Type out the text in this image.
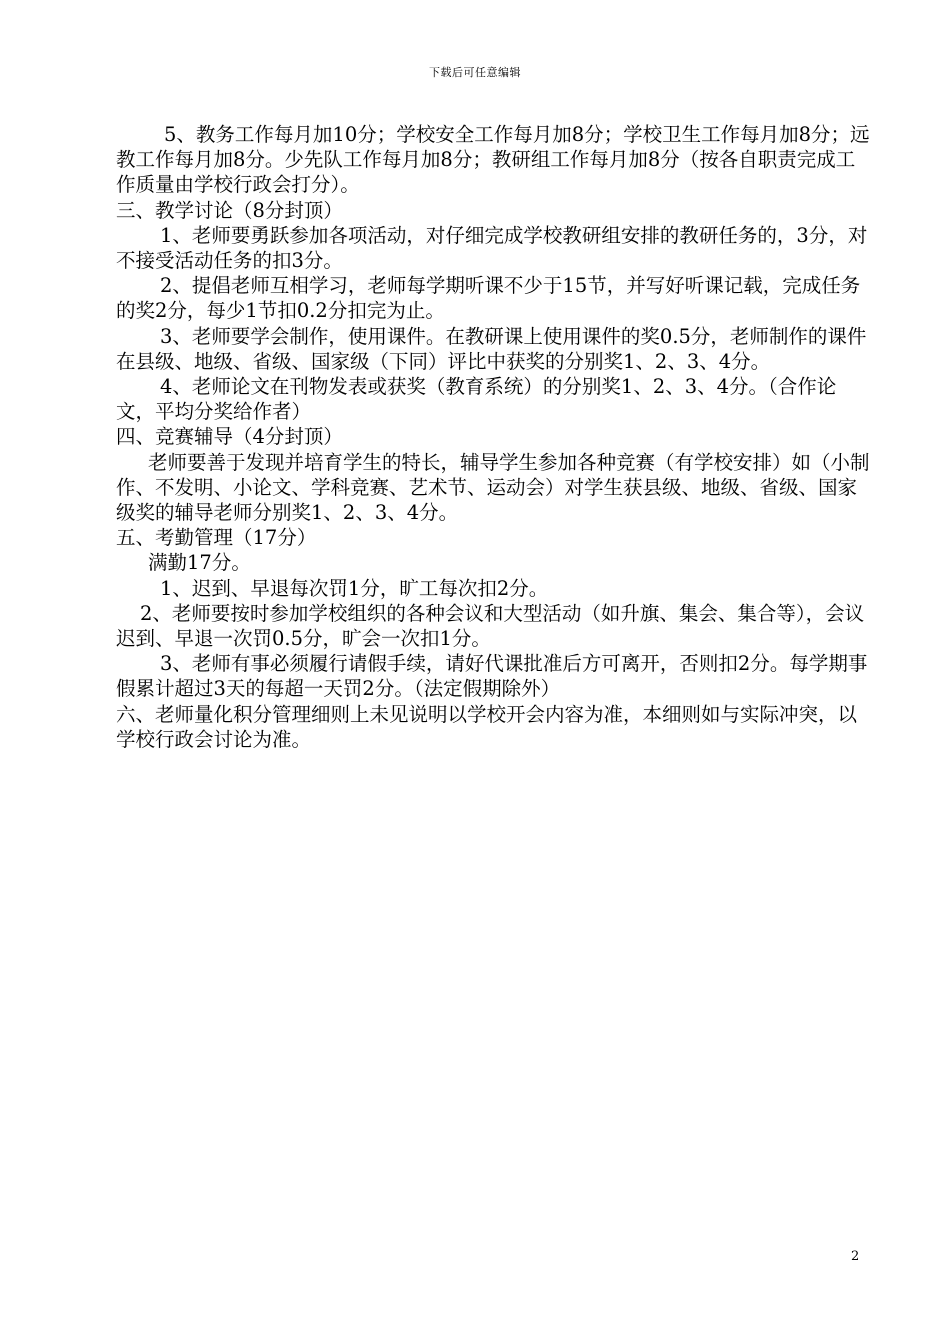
下载后可任意编辑

5、教务工作每月加10分；学校安全工作每月加8分；学校卫生工作每月加8分；远教工作每月加8分。少先队工作每月加8分；教研组工作每月加8分（按各自职责完成工作质量由学校行政会打分）。

三、教学讨论（8分封顶）

1、老师要勇跃参加各项活动，对仔细完成学校教研组安排的教研任务的，3分，对不接受活动任务的扣3分。

2、提倡老师互相学习，老师每学期听课不少于15节，并写好听课记载，完成任务的奖2分，每少1节扣0.2分扣完为止。

3、老师要学会制作，使用课件。在教研课上使用课件的奖0.5分，老师制作的课件在县级、地级、省级、国家级（下同）评比中获奖的分别奖1、2、3、4分。

4、老师论文在刊物发表或获奖（教育系统）的分别奖1、2、3、4分。（合作论文，平均分奖给作者）

四、竞赛辅导（4分封顶）

老师要善于发现并培育学生的特长，辅导学生参加各种竞赛（有学校安排）如（小制作、不发明、小论文、学科竞赛、艺术节、运动会）对学生获县级、地级、省级、国家级奖的辅导老师分别奖1、2、3、4分。

五、考勤管理（17分）

满勤17分。

1、迟到、早退每次罚1分，旷工每次扣2分。

2、老师要按时参加学校组织的各种会议和大型活动（如升旗、集会、集合等），会议迟到、早退一次罚0.5分，旷会一次扣1分。

3、老师有事必须履行请假手续，请好代课批准后方可离开，否则扣2分。每学期事假累计超过3天的每超一天罚2分。（法定假期除外）

六、老师量化积分管理细则上未见说明以学校开会内容为准，本细则如与实际冲突，以学校行政会讨论为准。

2
